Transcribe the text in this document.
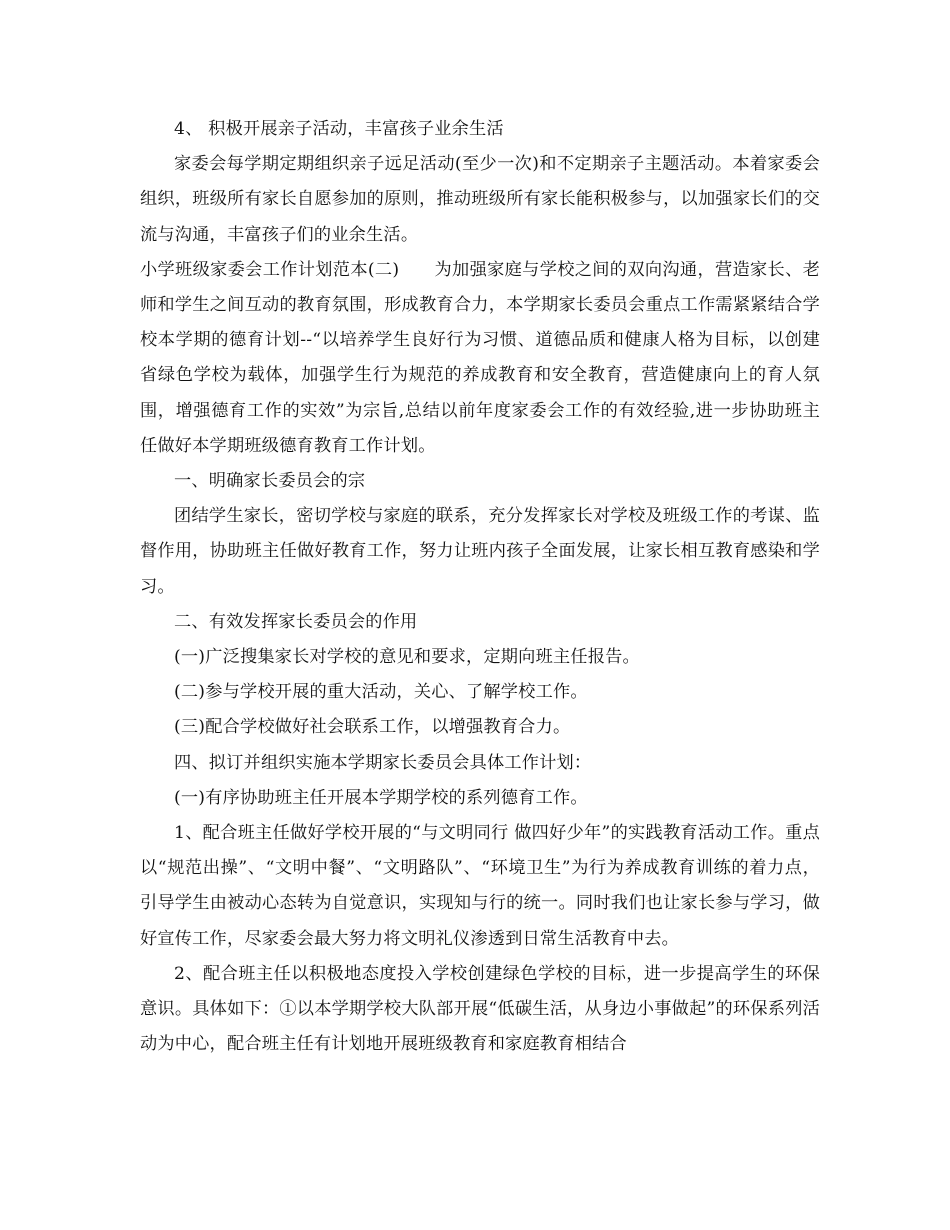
4、 积极开展亲子活动，丰富孩子业余生活

家委会每学期定期组织亲子远足活动(至少一次)和不定期亲子主题活动。本着家委会组织，班级所有家长自愿参加的原则，推动班级所有家长能积极参与，以加强家长们的交流与沟通，丰富孩子们的业余生活。

小学班级家委会工作计划范本(二)　　为加强家庭与学校之间的双向沟通，营造家长、老师和学生之间互动的教育氛围，形成教育合力，本学期家长委员会重点工作需紧紧结合学校本学期的德育计划--“以培养学生良好行为习惯、道德品质和健康人格为目标，以创建省绿色学校为载体，加强学生行为规范的养成教育和安全教育，营造健康向上的育人氛围，增强德育工作的实效”为宗旨,总结以前年度家委会工作的有效经验,进一步协助班主任做好本学期班级德育教育工作计划。

一、明确家长委员会的宗

团结学生家长，密切学校与家庭的联系，充分发挥家长对学校及班级工作的考谋、监督作用，协助班主任做好教育工作，努力让班内孩子全面发展，让家长相互教育感染和学习。

二、有效发挥家长委员会的作用

(一)广泛搜集家长对学校的意见和要求，定期向班主任报告。

(二)参与学校开展的重大活动，关心、了解学校工作。

(三)配合学校做好社会联系工作，以增强教育合力。

四、拟订并组织实施本学期家长委员会具体工作计划：

(一)有序协助班主任开展本学期学校的系列德育工作。

1、配合班主任做好学校开展的“与文明同行 做四好少年”的实践教育活动工作。重点以“规范出操”、“文明中餐”、“文明路队”、“环境卫生”为行为养成教育训练的着力点，引导学生由被动心态转为自觉意识，实现知与行的统一。同时我们也让家长参与学习，做好宣传工作，尽家委会最大努力将文明礼仪渗透到日常生活教育中去。

2、配合班主任以积极地态度投入学校创建绿色学校的目标，进一步提高学生的环保意识。具体如下：①以本学期学校大队部开展“低碳生活，从身边小事做起”的环保系列活动为中心，配合班主任有计划地开展班级教育和家庭教育相结合
